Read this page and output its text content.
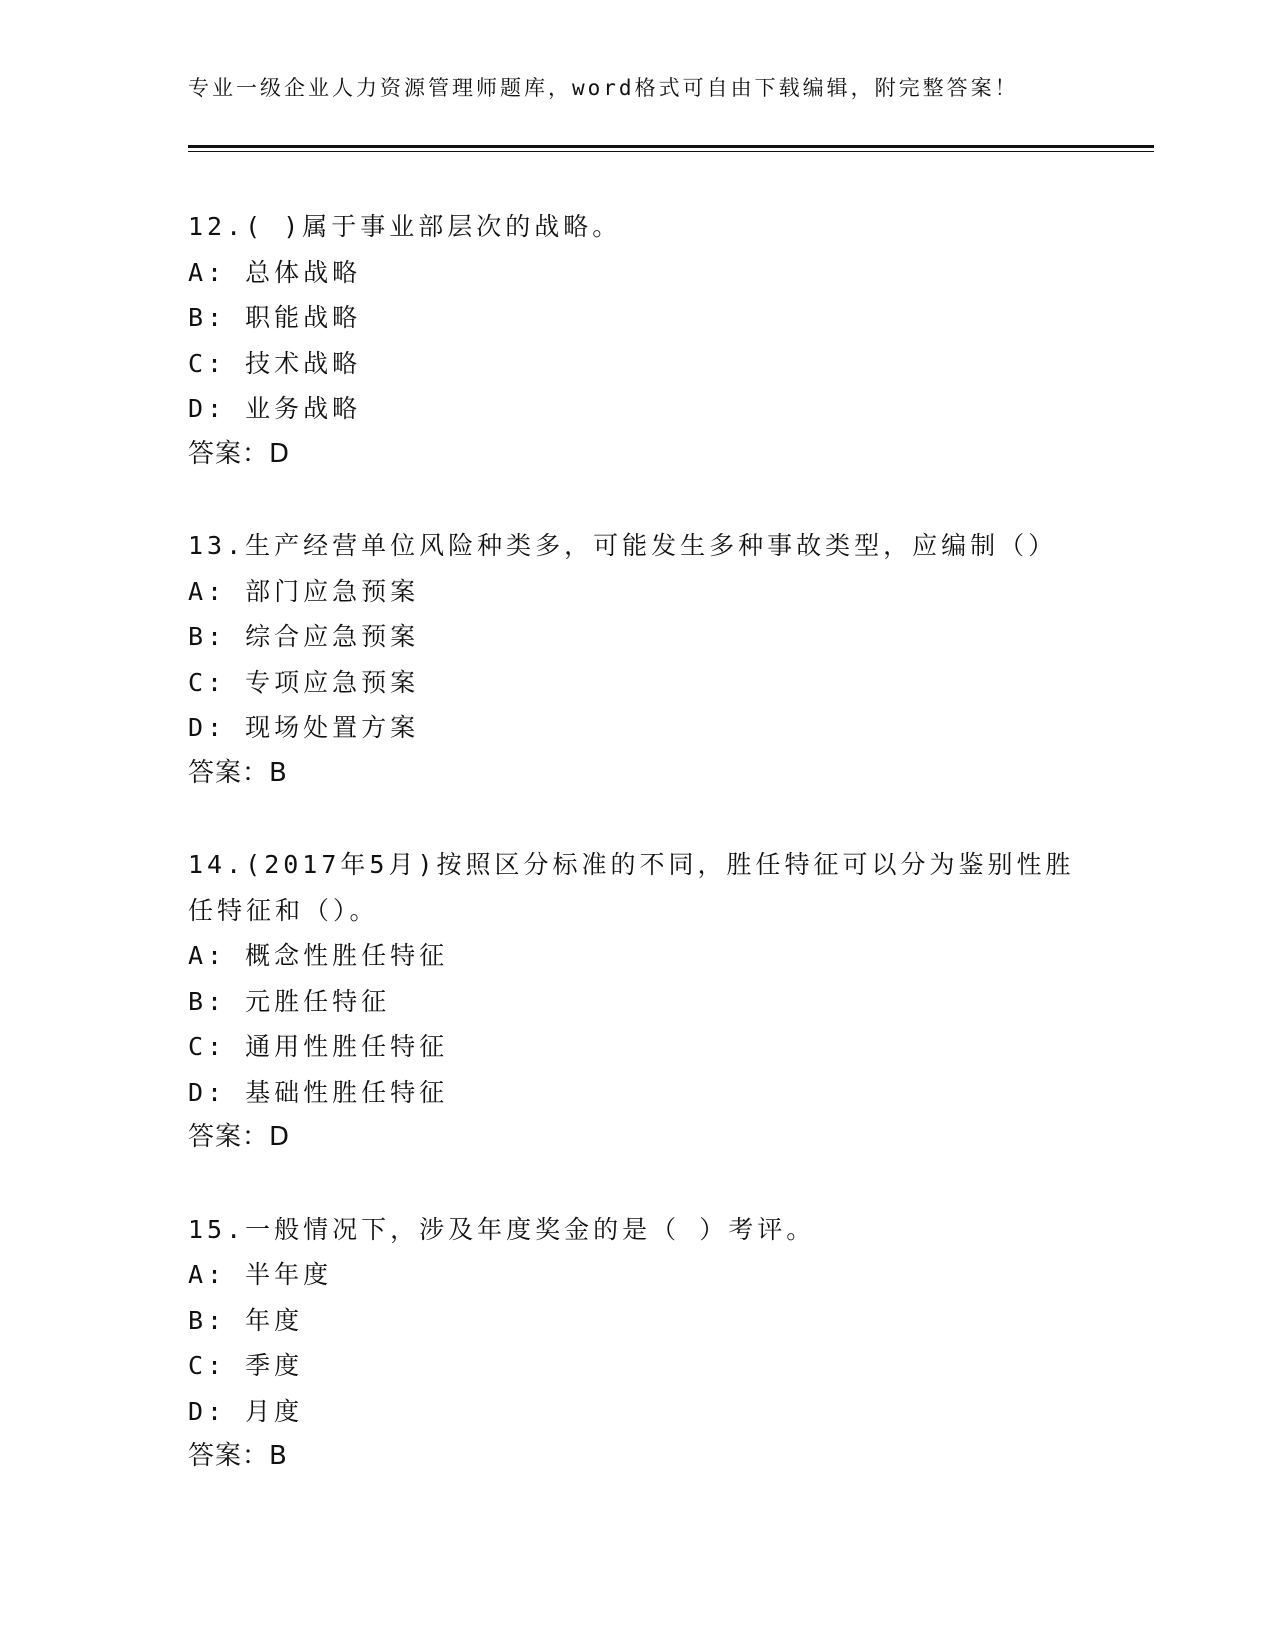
专业一级企业人力资源管理师题库，word格式可自由下载编辑，附完整答案！

12.( )属于事业部层次的战略。

A: 总体战略

B: 职能战略

C: 技术战略

D: 业务战略

答案：D

13.生产经营单位风险种类多，可能发生多种事故类型，应编制（）

A: 部门应急预案

B: 综合应急预案

C: 专项应急预案

D: 现场处置方案

答案：B

14.(2017年5月)按照区分标准的不同，胜任特征可以分为鉴别性胜任特征和（）。

A: 概念性胜任特征

B: 元胜任特征

C: 通用性胜任特征

D: 基础性胜任特征

答案：D

15.一般情况下，涉及年度奖金的是（ ）考评。

A: 半年度

B: 年度

C: 季度

D: 月度

答案：B
